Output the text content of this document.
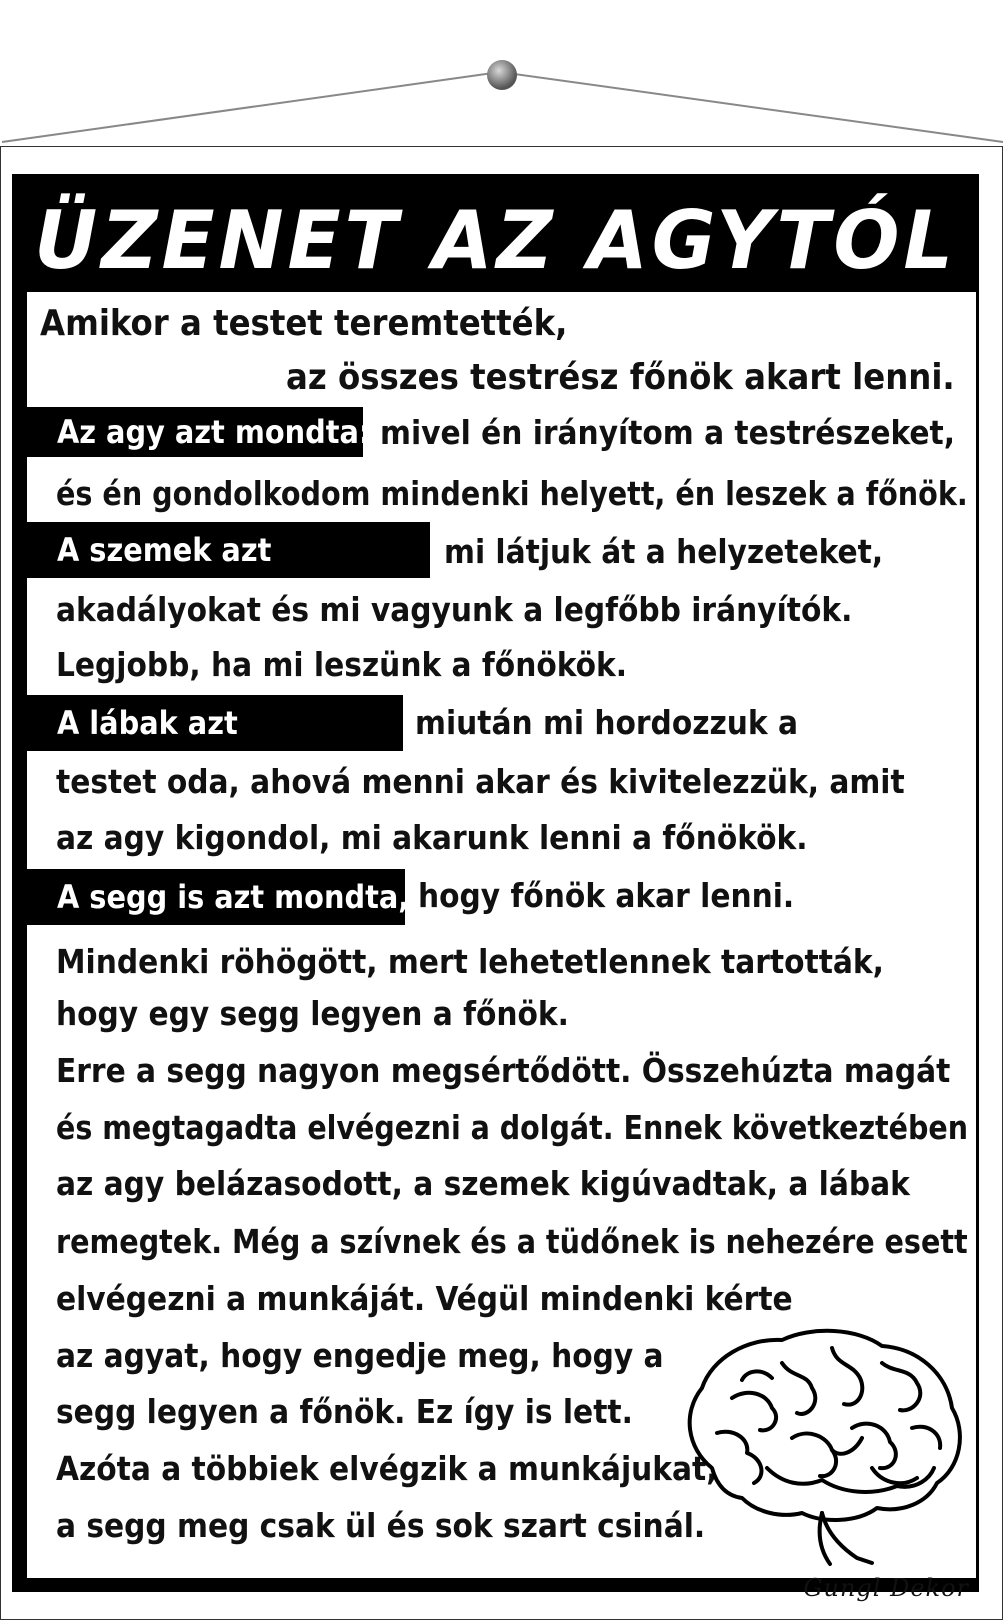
ÜZENET AZ AGYTÓL
Amikor a testet teremtették,
az összes testrész főnök akart lenni.
Az agy azt mondta: mivel én irányítom a testrészeket,
és én gondolkodom mindenki helyett, én leszek a főnök.
A szemek azt	mi látjuk át a helyzeteket,
akadályokat és mi vagyunk a legfőbb irányítók.
Legjobb, ha mi leszünk a főnökök.
A lábak azt	miután mi hordozzuk a
testet oda, ahová menni akar és kivitelezzük, amit
az agy kigondol, mi akarunk lenni a főnökök.
A segg is azt mondta, hogy főnök akar lenni.
Mindenki röhögött, mert lehetetlennek tartották,
hogy egy segg legyen a főnök.
Erre a segg nagyon megsértődött. Összehúzta magát
és megtagadta elvégezni a dolgát. Ennek következtében
az agy belázasodott, a szemek kigúvadtak, a lábak
remegtek. Még a szívnek és a tüdőnek is nehezére esett
elvégezni a munkáját. Végül mindenki kérte
az agyat, hogy engedje meg, hogy a
segg legyen a főnök. Ez így is lett.
Azóta a többiek elvégzik a munkájukat,
a segg meg csak ül és sok szart csinál.
Gungl Dekor
